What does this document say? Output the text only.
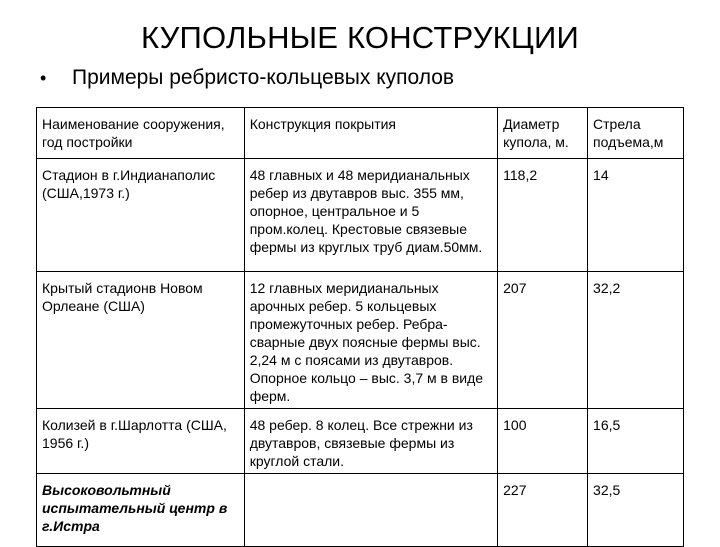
КУПОЛЬНЫЕ КОНСТРУКЦИИ
•	Примеры ребристо-кольцевых куполов
Наименование сооружения, год постройки	Конструкция покрытия	Диаметр купола, м.	Стрела подъема,м
Стадион в г.Индианаполис (США,1973 г.)	48 главных и 48 меридианальных ребер из двутавров выс. 355 мм, опорное, центральное и 5 пром.колец. Крестовые связевые фермы из круглых труб диам.50мм.	118,2	14
Крытый стадионв Новом Орлеане (США)	12 главных меридианальных арочных ребер. 5 кольцевых промежуточных ребер. Ребра-сварные двух поясные фермы выс. 2,24 м с поясами из двутавров. Опорное кольцо – выс. 3,7 м в виде ферм.	207	32,2
Колизей в г.Шарлотта (США, 1956 г.)	48 ребер. 8 колец. Все стрежни из двутавров, связевые фермы из круглой стали.	100	16,5
Высоковольтный испытательный центр в г.Истра		227	32,5
